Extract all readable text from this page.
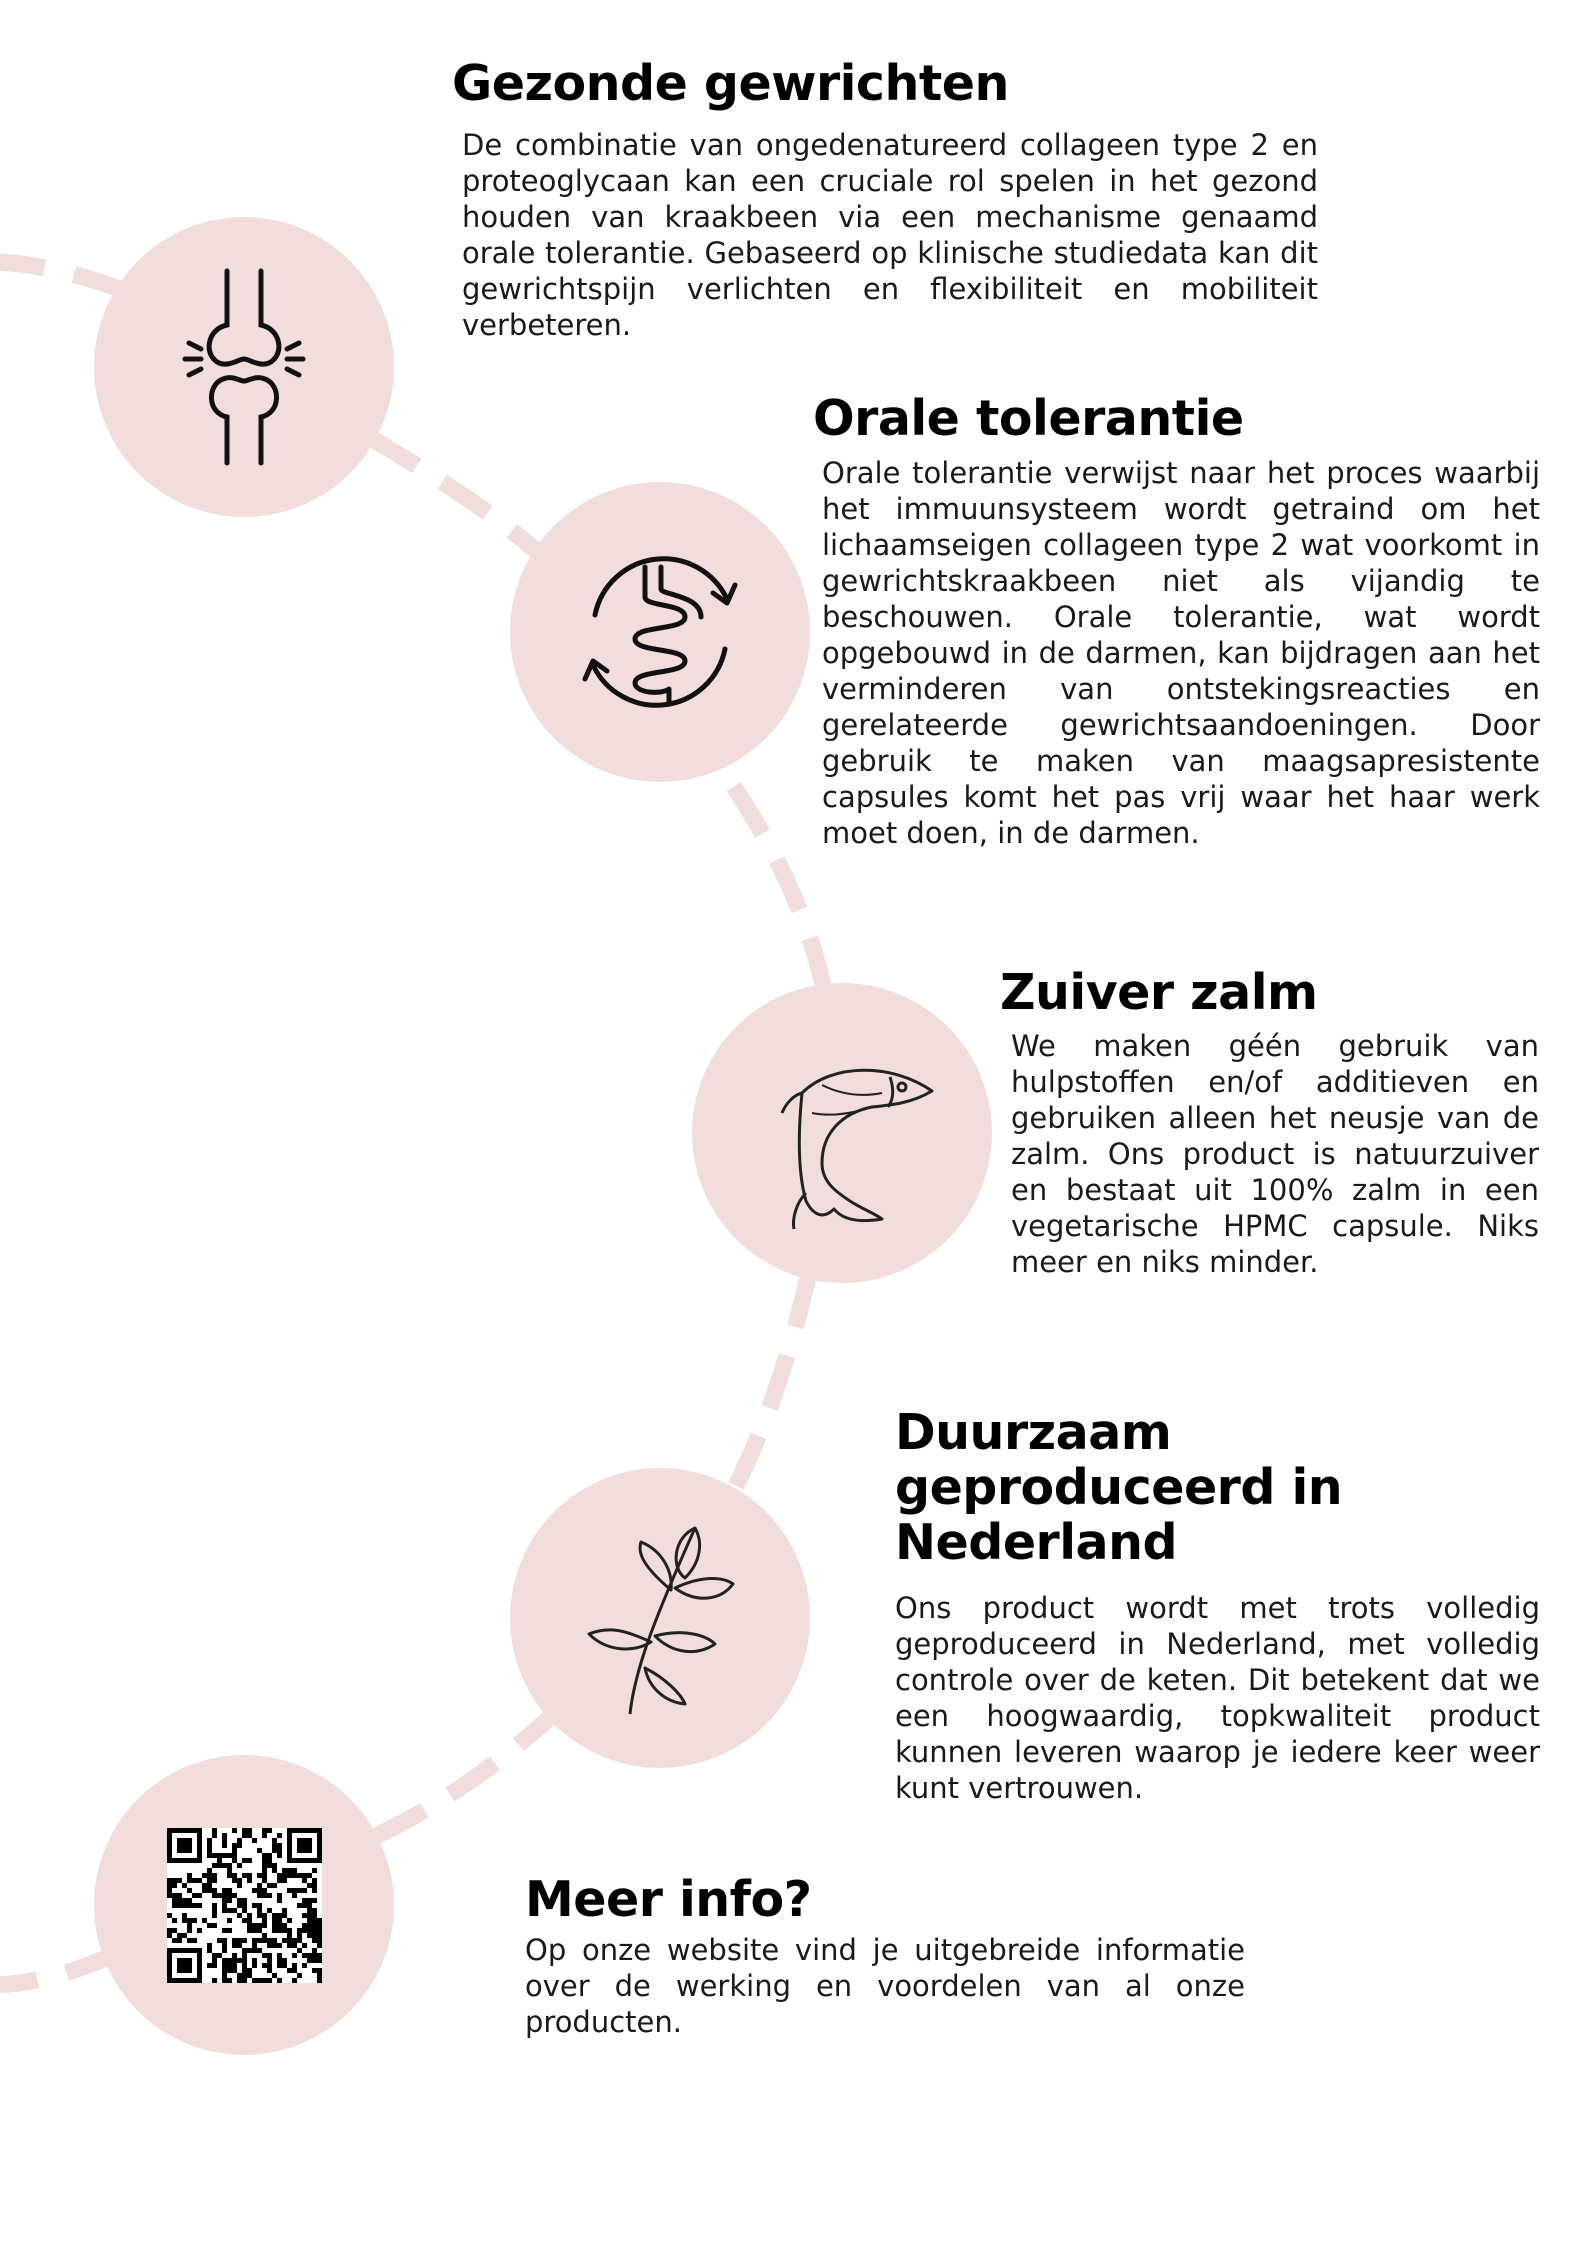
Gezonde gewrichten

De combinatie van ongedenatureerd collageen type 2 en proteoglycaan kan een cruciale rol spelen in het gezond houden van kraakbeen via een mechanisme genaamd orale tolerantie. Gebaseerd op klinische studiedata kan dit gewrichtspijn verlichten en flexibiliteit en mobiliteit verbeteren.

Orale tolerantie

Orale tolerantie verwijst naar het proces waarbij het immuunsysteem wordt getraind om het lichaamseigen collageen type 2 wat voorkomt in gewrichtskraakbeen niet als vijandig te beschouwen. Orale tolerantie, wat wordt opgebouwd in de darmen, kan bijdragen aan het verminderen van ontstekingsreacties en gerelateerde gewrichtsaandoeningen. Door gebruik te maken van maagsapresistente capsules komt het pas vrij waar het haar werk moet doen, in de darmen.

Zuiver zalm

We maken géén gebruik van hulpstoffen en/of additieven en gebruiken alleen het neusje van de zalm. Ons product is natuurzuiver en bestaat uit 100% zalm in een vegetarische HPMC capsule. Niks meer en niks minder.

Duurzaam geproduceerd in Nederland

Ons product wordt met trots volledig geproduceerd in Nederland, met volledig controle over de keten. Dit betekent dat we een hoogwaardig, topkwaliteit product kunnen leveren waarop je iedere keer weer kunt vertrouwen.

Meer info?

Op onze website vind je uitgebreide informatie over de werking en voordelen van al onze producten.
